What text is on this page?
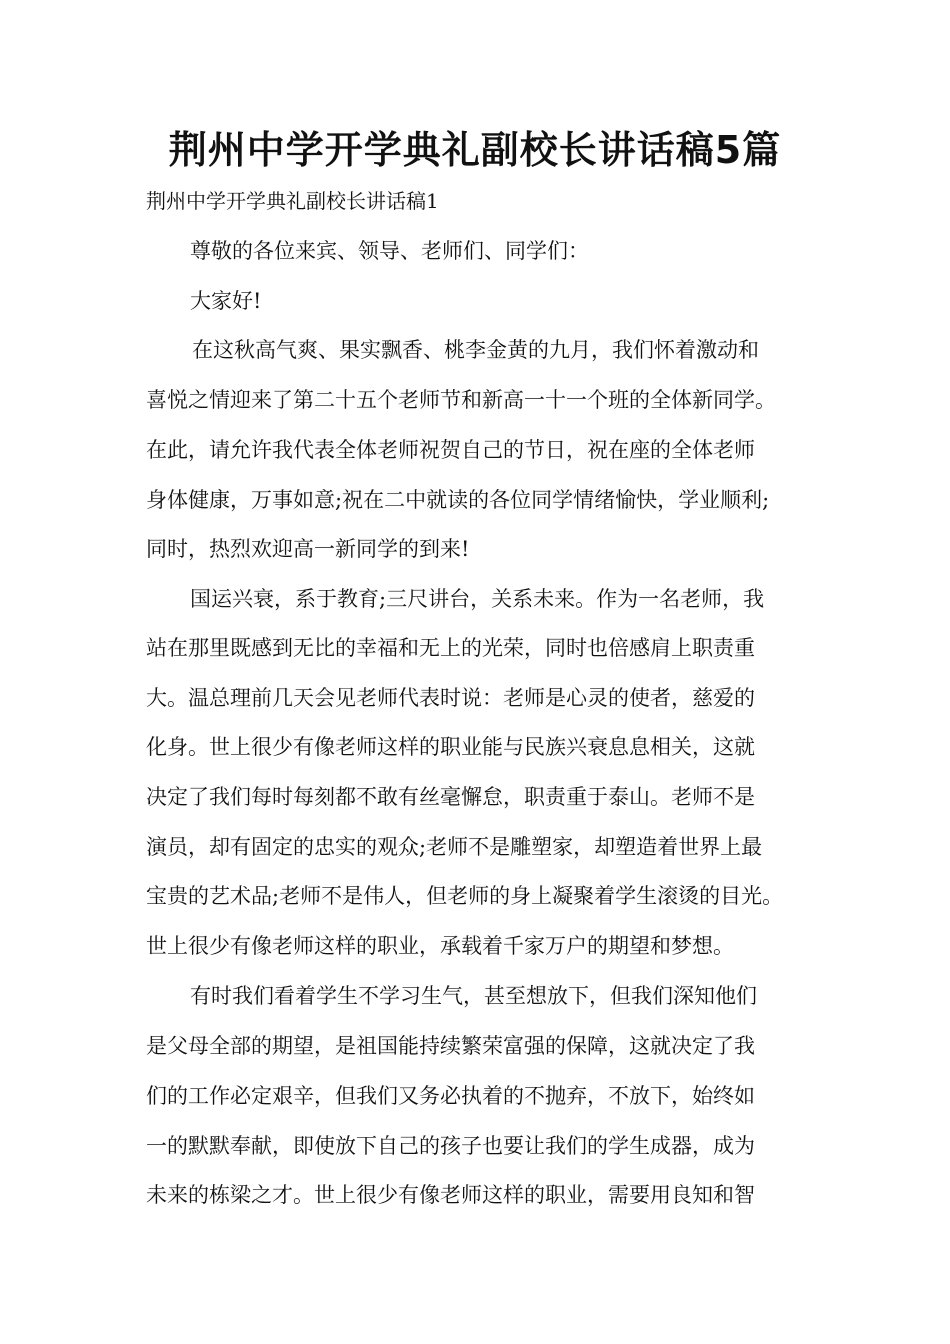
荆州中学开学典礼副校长讲话稿5篇

荆州中学开学典礼副校长讲话稿1

尊敬的各位来宾、领导、老师们、同学们：

大家好!

在这秋高气爽、果实飘香、桃李金黄的九月，我们怀着激动和

喜悦之情迎来了第二十五个老师节和新高一十一个班的全体新同学。

在此，请允许我代表全体老师祝贺自己的节日，祝在座的全体老师

身体健康，万事如意;祝在二中就读的各位同学情绪愉快，学业顺利;

同时，热烈欢迎高一新同学的到来!

国运兴衰，系于教育;三尺讲台，关系未来。作为一名老师，我

站在那里既感到无比的幸福和无上的光荣，同时也倍感肩上职责重

大。温总理前几天会见老师代表时说：老师是心灵的使者，慈爱的

化身。世上很少有像老师这样的职业能与民族兴衰息息相关，这就

决定了我们每时每刻都不敢有丝毫懈怠，职责重于泰山。老师不是

演员，却有固定的忠实的观众;老师不是雕塑家，却塑造着世界上最

宝贵的艺术品;老师不是伟人，但老师的身上凝聚着学生滚烫的目光。

世上很少有像老师这样的职业，承载着千家万户的期望和梦想。

有时我们看着学生不学习生气，甚至想放下，但我们深知他们

是父母全部的期望，是祖国能持续繁荣富强的保障，这就决定了我

们的工作必定艰辛，但我们又务必执着的不抛弃，不放下，始终如

一的默默奉献，即使放下自己的孩子也要让我们的学生成器，成为

未来的栋梁之才。世上很少有像老师这样的职业，需要用良知和智
